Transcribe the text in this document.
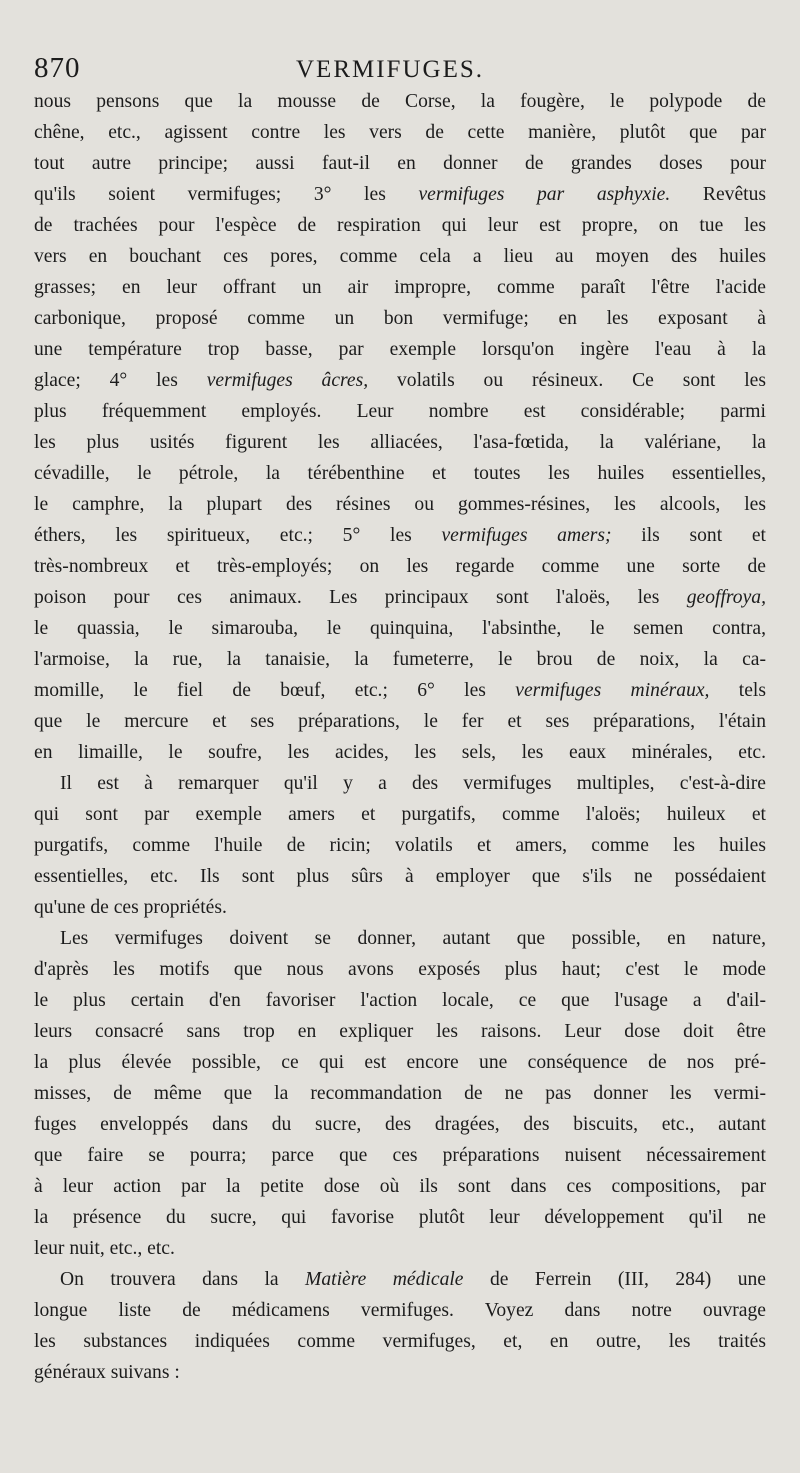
870	VERMIFUGES.
nous pensons que la mousse de Corse, la fougère, le polypode de
chêne, etc., agissent contre les vers de cette manière, plutôt que par
tout autre principe; aussi faut-il en donner de grandes doses pour
qu'ils soient vermifuges; 3° les vermifuges par asphyxie. Revêtus
de trachées pour l'espèce de respiration qui leur est propre, on tue les
vers en bouchant ces pores, comme cela a lieu au moyen des huiles
grasses; en leur offrant un air impropre, comme paraît l'être l'acide
carbonique, proposé comme un bon vermifuge; en les exposant à
une température trop basse, par exemple lorsqu'on ingère l'eau à la
glace; 4° les vermifuges âcres, volatils ou résineux. Ce sont les
plus fréquemment employés. Leur nombre est considérable; parmi
les plus usités figurent les alliacées, l'asa-fœtida, la valériane, la
cévadille, le pétrole, la térébenthine et toutes les huiles essentielles,
le camphre, la plupart des résines ou gommes-résines, les alcools, les
éthers, les spiritueux, etc.; 5° les vermifuges amers; ils sont et
très-nombreux et très-employés; on les regarde comme une sorte de
poison pour ces animaux. Les principaux sont l'aloës, les geoffroya,
le quassia, le simarouba, le quinquina, l'absinthe, le semen contra,
l'armoise, la rue, la tanaisie, la fumeterre, le brou de noix, la ca-
momille, le fiel de bœuf, etc.; 6° les vermifuges minéraux, tels
que le mercure et ses préparations, le fer et ses préparations, l'étain
en limaille, le soufre, les acides, les sels, les eaux minérales, etc.
Il est à remarquer qu'il y a des vermifuges multiples, c'est-à-dire
qui sont par exemple amers et purgatifs, comme l'aloës; huileux et
purgatifs, comme l'huile de ricin; volatils et amers, comme les huiles
essentielles, etc. Ils sont plus sûrs à employer que s'ils ne possédaient
qu'une de ces propriétés.
Les vermifuges doivent se donner, autant que possible, en nature,
d'après les motifs que nous avons exposés plus haut; c'est le mode
le plus certain d'en favoriser l'action locale, ce que l'usage a d'ail-
leurs consacré sans trop en expliquer les raisons. Leur dose doit être
la plus élevée possible, ce qui est encore une conséquence de nos pré-
misses, de même que la recommandation de ne pas donner les vermi-
fuges enveloppés dans du sucre, des dragées, des biscuits, etc., autant
que faire se pourra; parce que ces préparations nuisent nécessairement
à leur action par la petite dose où ils sont dans ces compositions, par
la présence du sucre, qui favorise plutôt leur développement qu'il ne
leur nuit, etc., etc.
On trouvera dans la Matière médicale de Ferrein (III, 284) une
longue liste de médicamens vermifuges. Voyez dans notre ouvrage
les substances indiquées comme vermifuges, et, en outre, les traités
généraux suivans :
